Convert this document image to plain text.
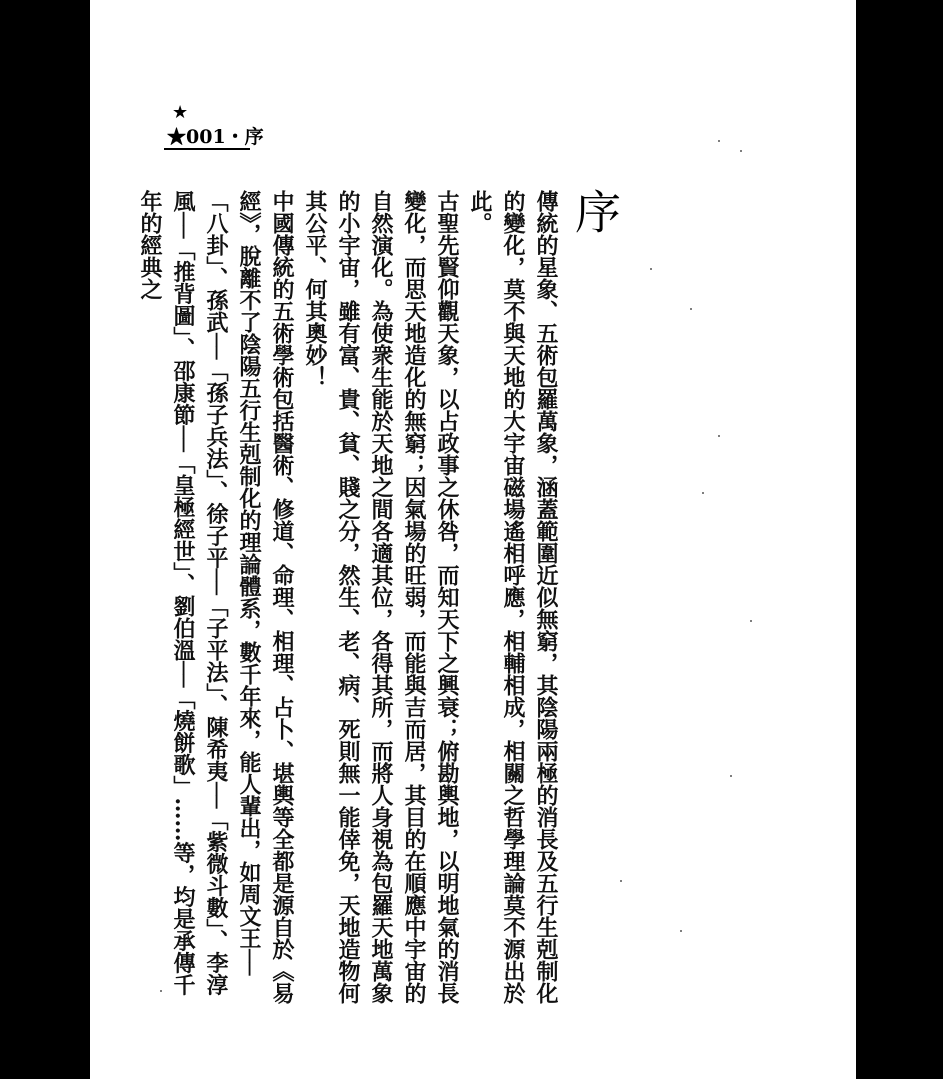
★
★001・序
序

傳統的星象、五術包羅萬象，涵蓋範圍近似無窮，其陰陽兩極的消長及五行生剋制化的變化，莫不與天地的大宇宙磁場遙相呼應，相輔相成，相關之哲學理論莫不源出於此。

古聖先賢仰觀天象，以占政事之休咎，而知天下之興衰；俯勘輿地，以明地氣的消長變化，而思天地造化的無窮；因氣場的旺弱，而能與吉而居，其目的在順應中宇宙的自然演化。為使衆生能於天地之間各適其位，各得其所，而將人身視為包羅天地萬象的小宇宙，雖有富、貴、貧、賤之分，然生、老、病、死則無一能倖免，天地造物何其公平、何其奧妙！

中國傳統的五術學術包括醫術、修道、命理、相理、占卜、堪輿等全都是源自於《易經》，脫離不了陰陽五行生剋制化的理論體系，數千年來，能人輩出，如周文王──「八卦」、孫武──「孫子兵法」、徐子平──「子平法」、陳希夷──「紫微斗數」、李淳風──「推背圖」、邵康節──「皇極經世」、劉伯溫──「燒餅歌」……等，均是承傳千年的經典之
